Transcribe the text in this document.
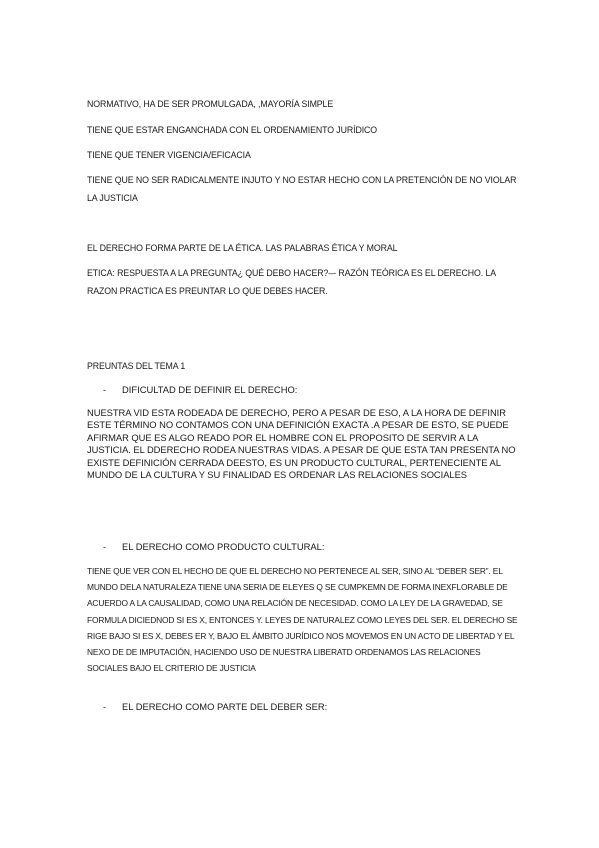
NORMATIVO, HA DE SER PROMULGADA, ,MAYORÍA SIMPLE

TIENE QUE ESTAR ENGANCHADA CON EL ORDENAMIENTO JURÍDICO

TIENE QUE TENER VIGENCIA/EFICACIA

TIENE QUE NO SER RADICALMENTE INJUTO Y NO ESTAR HECHO CON LA PRETENCIÓN DE NO VIOLAR LA JUSTICIA

EL DERECHO FORMA PARTE DE LA ÉTICA. LAS PALABRAS ÉTICA Y MORAL

ETICA: RESPUESTA A LA PREGUNTA¿ QUÉ DEBO HACER?–- RAZÓN TEÓRICA ES EL DERECHO. LA RAZON PRACTICA ES PREUNTAR LO QUE DEBES HACER.

PREUNTAS DEL TEMA 1

- DIFICULTAD DE DEFINIR EL DERECHO:

NUESTRA VID ESTA RODEADA DE DERECHO, PERO A PESAR DE ESO, A LA HORA DE DEFINIR ESTE TÉRMINO NO CONTAMOS CON UNA DEFINICIÓN EXACTA .A PESAR DE ESTO, SE PUEDE AFIRMAR QUE ES ALGO READO POR EL HOMBRE CON EL PROPOSITO DE SERVIR A LA JUSTICIA. EL DDERECHO RODEA NUESTRAS VIDAS. A PESAR DE QUE ESTA TAN PRESENTA NO EXISTE DEFINICIÓN CERRADA DEESTO, ES UN PRODUCTO CULTURAL, PERTENECIENTE AL MUNDO DE LA CULTURA Y SU FINALIDAD ES ORDENAR LAS RELACIONES SOCIALES

- EL DERECHO COMO PRODUCTO CULTURAL:

TIENE QUE VER CON EL HECHO DE QUE EL DERECHO NO PERTENECE AL SER, SINO AL “DEBER SER”. EL MUNDO DELA NATURALEZA TIENE UNA SERIA DE ELEYES Q SE CUMPKEMN DE FORMA INEXFLORABLE DE ACUERDO A LA CAUSALIDAD, COMO UNA RELACIÓN DE NECESIDAD. COMO LA LEY DE LA GRAVEDAD, SE FORMULA DICIEDNOD SI ES X, ENTONCES Y. LEYES DE NATURALEZ COMO LEYES DEL SER. EL DERECHO SE RIGE BAJO SI ES X, DEBES ER Y, BAJO EL ÁMBITO JURÍDICO NOS MOVEMOS EN UN ACTO DE LIBERTAD Y EL NEXO DE DE IMPUTACIÓN, HACIENDO USO DE NUESTRA LIBERATD ORDENAMOS LAS RELACIONES SOCIALES BAJO EL CRITERIO DE JUSTICIA

- EL DERECHO COMO PARTE DEL DEBER SER:
